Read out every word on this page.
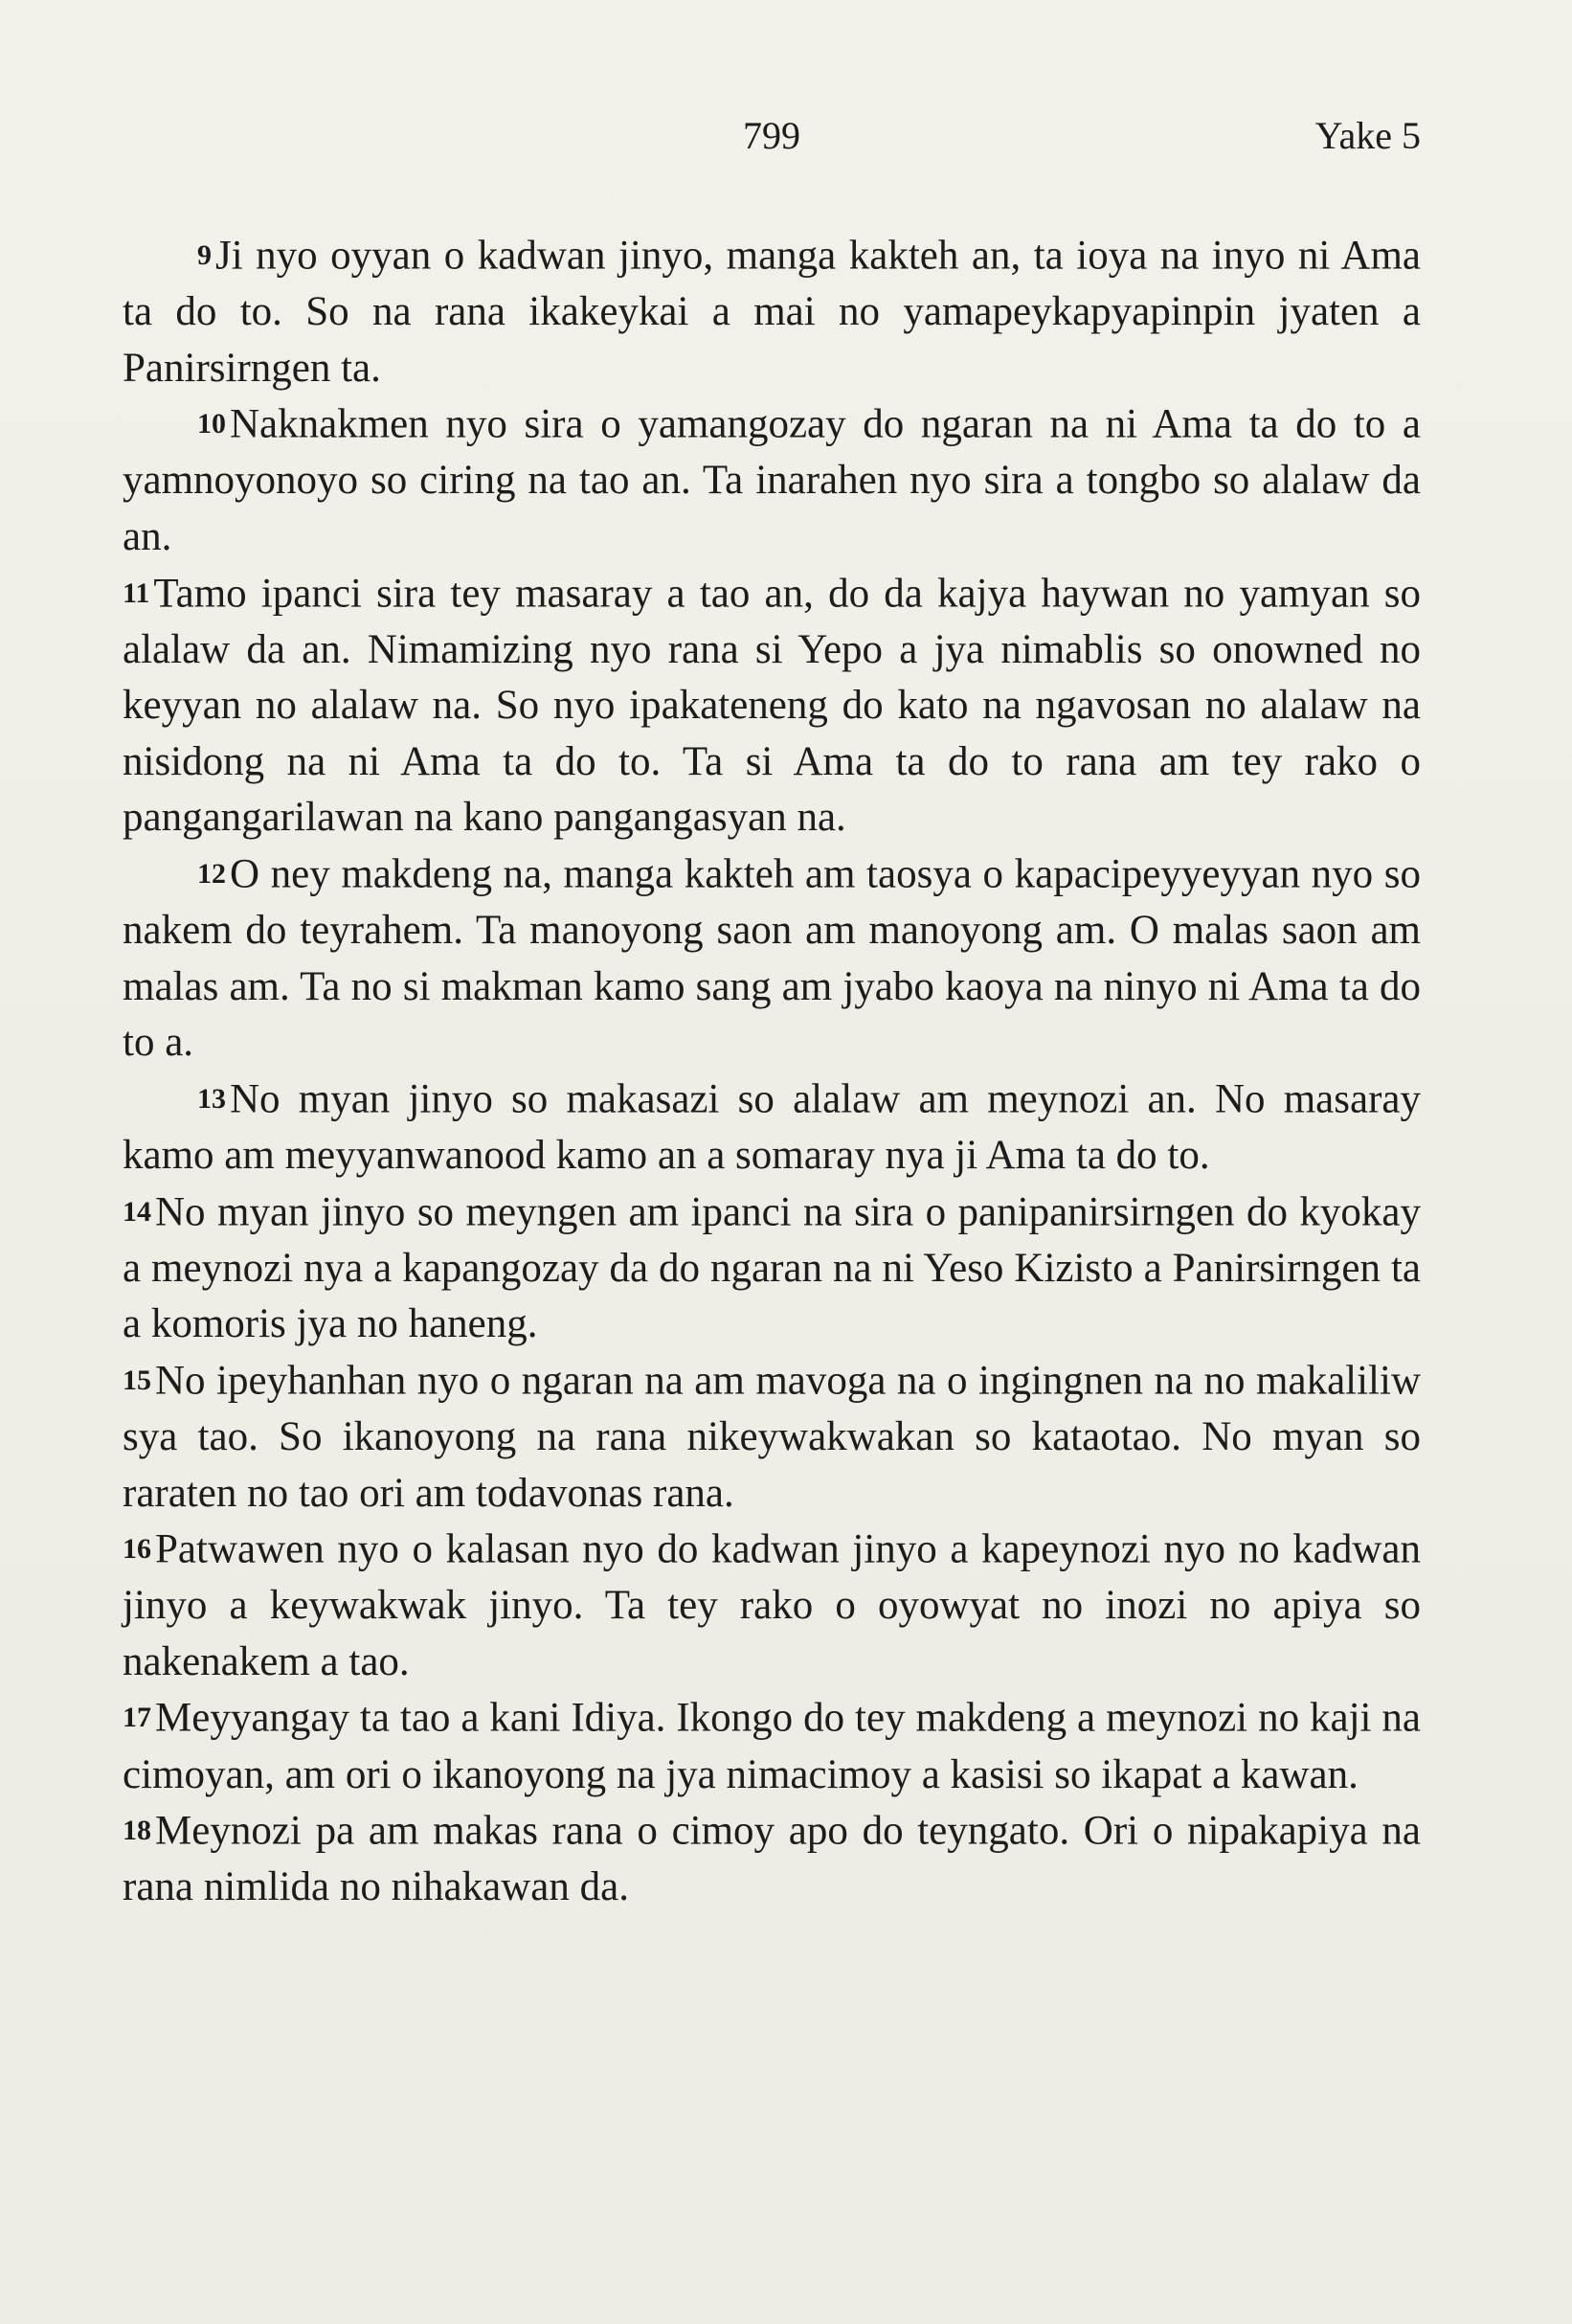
799	Yake 5

9Ji nyo oyyan o kadwan jinyo, manga kakteh an, ta ioya na inyo ni Ama ta do to. So na rana ikakeykai a mai no yamapeykapyapinpin jyaten a Panirsirngen ta.

10Naknakmen nyo sira o yamangozay do ngaran na ni Ama ta do to a yamnoyonoyo so ciring na tao an. Ta inarahen nyo sira a tongbo so alalaw da an.

11Tamo ipanci sira tey masaray a tao an, do da kajya haywan no yamyan so alalaw da an. Nimamizing nyo rana si Yepo a jya nimablis so onowned no keyyan no alalaw na. So nyo ipakateneng do kato na ngavosan no alalaw na nisidong na ni Ama ta do to. Ta si Ama ta do to rana am tey rako o pangangarilawan na kano pangangasyan na.

12O ney makdeng na, manga kakteh am taosya o kapacipeyyeyyan nyo so nakem do teyrahem. Ta manoyong saon am manoyong am. O malas saon am malas am. Ta no si makman kamo sang am jyabo kaoya na ninyo ni Ama ta do to a.

13No myan jinyo so makasazi so alalaw am meynozi an. No masaray kamo am meyyanwanood kamo an a somaray nya ji Ama ta do to.

14No myan jinyo so meyngen am ipanci na sira o panipanirsirngen do kyokay a meynozi nya a kapangozay da do ngaran na ni Yeso Kizisto a Panirsirngen ta a komoris jya no haneng.

15No ipeyhanhan nyo o ngaran na am mavoga na o ingingnen na no makaliliw sya tao. So ikanoyong na rana nikeywakwakan so kataotao. No myan so raraten no tao ori am todavonas rana.

16Patwawen nyo o kalasan nyo do kadwan jinyo a kapeynozi nyo no kadwan jinyo a keywakwak jinyo. Ta tey rako o oyowyat no inozi no apiya so nakenakem a tao.

17Meyyangay ta tao a kani Idiya. Ikongo do tey makdeng a meynozi no kaji na cimoyan, am ori o ikanoyong na jya nimacimoy a kasisi so ikapat a kawan.

18Meynozi pa am makas rana o cimoy apo do teyngato. Ori o nipakapiya na rana nimlida no nihakawan da.
